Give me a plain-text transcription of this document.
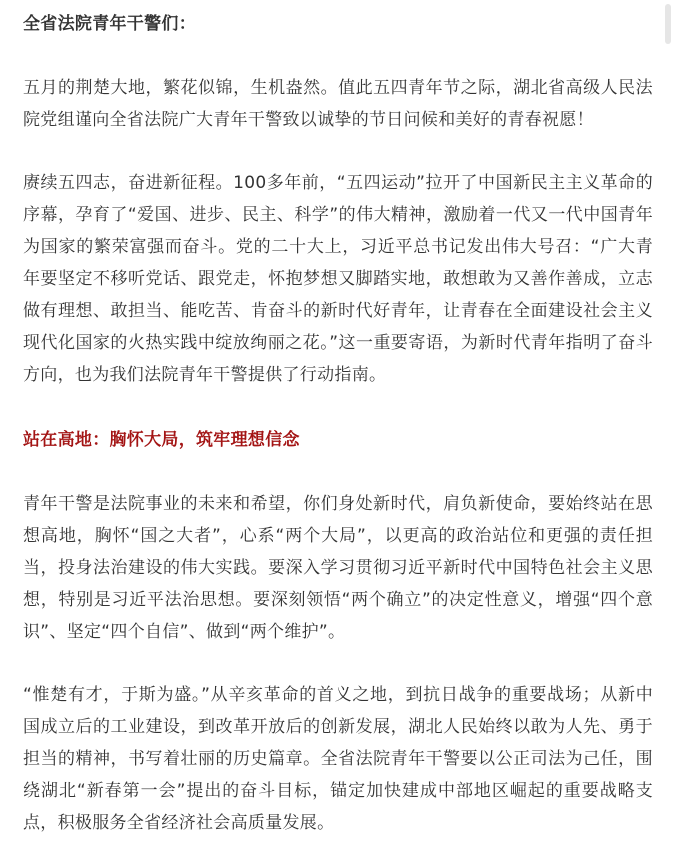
全省法院青年干警们：

五月的荆楚大地，繁花似锦，生机盎然。值此五四青年节之际，湖北省高级人民法院党组谨向全省法院广大青年干警致以诚挚的节日问候和美好的青春祝愿！

赓续五四志，奋进新征程。100多年前，“五四运动”拉开了中国新民主主义革命的序幕，孕育了“爱国、进步、民主、科学”的伟大精神，激励着一代又一代中国青年为国家的繁荣富强而奋斗。党的二十大上，习近平总书记发出伟大号召：“广大青年要坚定不移听党话、跟党走，怀抱梦想又脚踏实地，敢想敢为又善作善成，立志做有理想、敢担当、能吃苦、肯奋斗的新时代好青年，让青春在全面建设社会主义现代化国家的火热实践中绽放绚丽之花。”这一重要寄语，为新时代青年指明了奋斗方向，也为我们法院青年干警提供了行动指南。

站在高地：胸怀大局，筑牢理想信念

青年干警是法院事业的未来和希望，你们身处新时代，肩负新使命，要始终站在思想高地，胸怀“国之大者”，心系“两个大局”，以更高的政治站位和更强的责任担当，投身法治建设的伟大实践。要深入学习贯彻习近平新时代中国特色社会主义思想，特别是习近平法治思想。要深刻领悟“两个确立”的决定性意义，增强“四个意识”、坚定“四个自信”、做到“两个维护”。

“惟楚有才，于斯为盛。”从辛亥革命的首义之地，到抗日战争的重要战场；从新中国成立后的工业建设，到改革开放后的创新发展，湖北人民始终以敢为人先、勇于担当的精神，书写着壮丽的历史篇章。全省法院青年干警要以公正司法为己任，围绕湖北“新春第一会”提出的奋斗目标，锚定加快建成中部地区崛起的重要战略支点，积极服务全省经济社会高质量发展。
